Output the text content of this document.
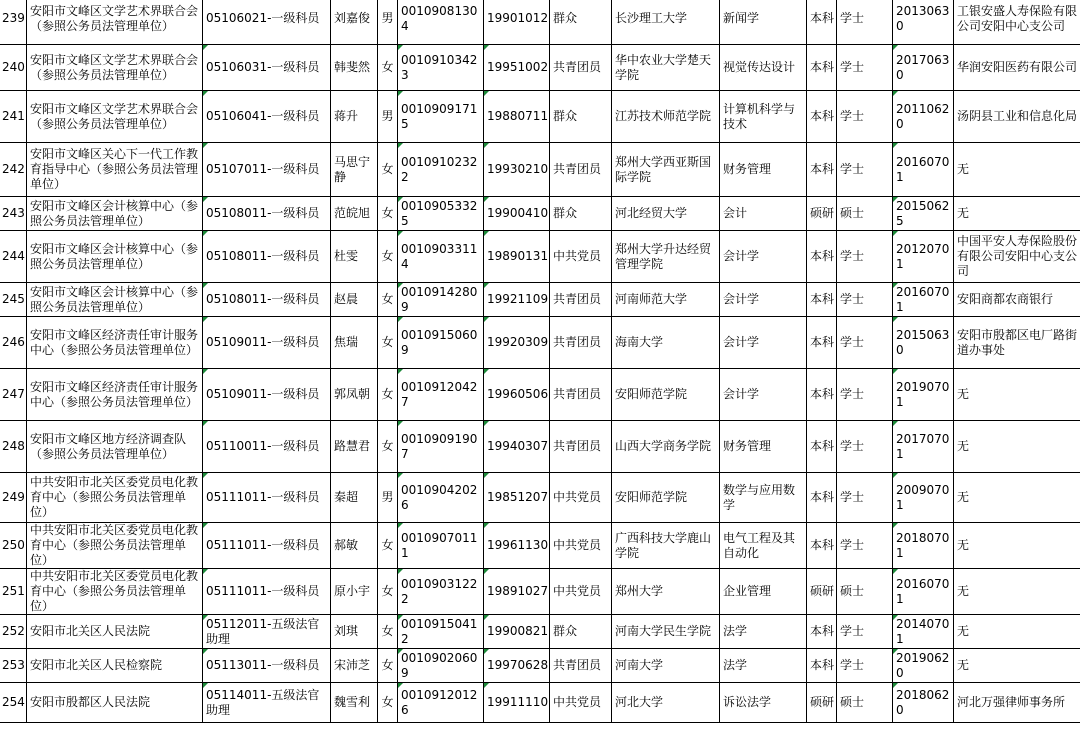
239	安阳市文峰区文学艺术界联合会（参照公务员法管理单位）	05106021-一级科员	刘嘉俊	男	00109081304	19901012	群众	长沙理工大学	新闻学	本科	学士	20130630	工银安盛人寿保险有限公司安阳中心支公司
240	安阳市文峰区文学艺术界联合会（参照公务员法管理单位）	05106031-一级科员	韩斐然	女	00109103423	19951002	共青团员	华中农业大学楚天学院	视觉传达设计	本科	学士	20170630	华润安阳医药有限公司
241	安阳市文峰区文学艺术界联合会（参照公务员法管理单位）	05106041-一级科员	蒋升	男	00109091715	19880711	群众	江苏技术师范学院	计算机科学与技术	本科	学士	20110620	汤阴县工业和信息化局
242	安阳市文峰区关心下一代工作教育指导中心（参照公务员法管理单位）	05107011-一级科员	马思宁静	女	00109102322	19930210	共青团员	郑州大学西亚斯国际学院	财务管理	本科	学士	20160701	无
243	安阳市文峰区会计核算中心（参照公务员法管理单位）	05108011-一级科员	范皖旭	女	00109053325	19900410	群众	河北经贸大学	会计	硕研	硕士	20150625	无
244	安阳市文峰区会计核算中心（参照公务员法管理单位）	05108011-一级科员	杜雯	女	00109033114	19890131	中共党员	郑州大学升达经贸管理学院	会计学	本科	学士	20120701	中国平安人寿保险股份有限公司安阳中心支公司
245	安阳市文峰区会计核算中心（参照公务员法管理单位）	05108011-一级科员	赵晨	女	00109142809	19921109	共青团员	河南师范大学	会计学	本科	学士	20160701	安阳商都农商银行
246	安阳市文峰区经济责任审计服务中心（参照公务员法管理单位）	05109011-一级科员	焦瑞	女	00109150609	19920309	共青团员	海南大学	会计学	本科	学士	20150630	安阳市殷都区电厂路街道办事处
247	安阳市文峰区经济责任审计服务中心（参照公务员法管理单位）	05109011-一级科员	郭凤朝	女	00109120427	19960506	共青团员	安阳师范学院	会计学	本科	学士	20190701	无
248	安阳市文峰区地方经济调查队（参照公务员法管理单位）	05110011-一级科员	路慧君	女	00109091907	19940307	共青团员	山西大学商务学院	财务管理	本科	学士	20170701	无
249	中共安阳市北关区委党员电化教育中心（参照公务员法管理单位）	05111011-一级科员	秦超	男	00109042026	19851207	中共党员	安阳师范学院	数学与应用数学	本科	学士	20090701	无
250	中共安阳市北关区委党员电化教育中心（参照公务员法管理单位）	05111011-一级科员	郝敏	女	00109070111	19961130	中共党员	广西科技大学鹿山学院	电气工程及其自动化	本科	学士	20180701	无
251	中共安阳市北关区委党员电化教育中心（参照公务员法管理单位）	05111011-一级科员	原小宇	女	00109031222	19891027	中共党员	郑州大学	企业管理	硕研	硕士	20160701	无
252	安阳市北关区人民法院	05112011-五级法官助理	刘琪	女	00109150412	19900821	群众	河南大学民生学院	法学	本科	学士	20140701	无
253	安阳市北关区人民检察院	05113011-一级科员	宋沛芝	女	00109020609	19970628	共青团员	河南大学	法学	本科	学士	20190620	无
254	安阳市殷都区人民法院	05114011-五级法官助理	魏雪利	女	00109120126	19911110	中共党员	河北大学	诉讼法学	硕研	硕士	20180620	河北万强律师事务所
